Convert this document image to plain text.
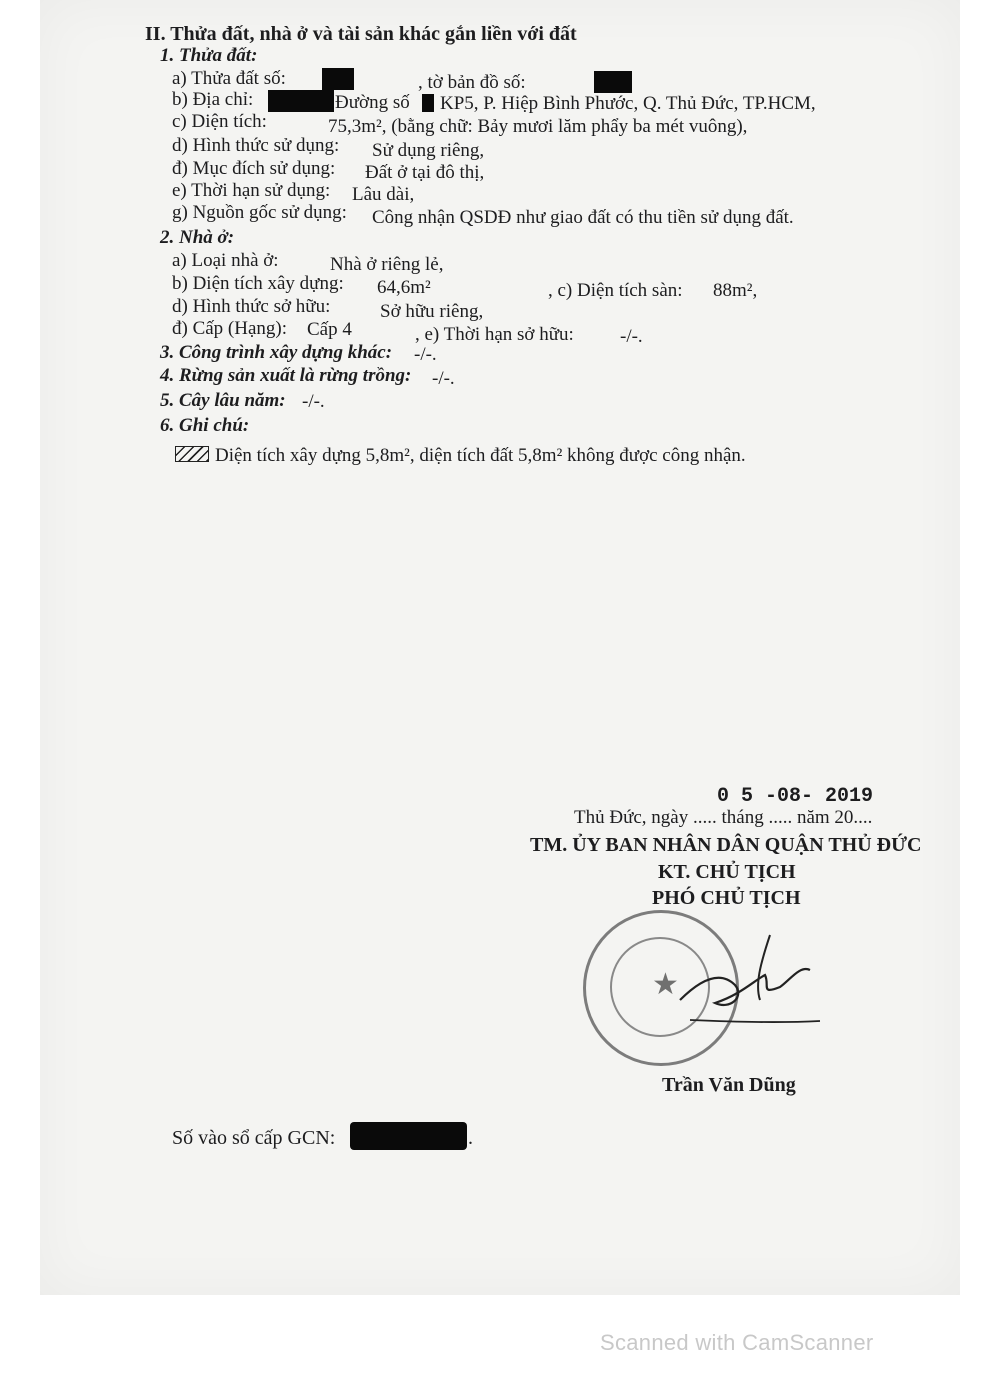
II. Thửa đất, nhà ở và tài sản khác gắn liền với đất
1. Thửa đất:
a) Thửa đất số:	, tờ bản đồ số:
b) Địa chỉ:	Đường số KP5, P. Hiệp Bình Phước, Q. Thủ Đức, TP.HCM,
c) Diện tích:	75,3m², (bằng chữ: Bảy mươi lăm phẩy ba mét vuông),
d) Hình thức sử dụng: Sử dụng riêng,
đ) Mục đích sử dụng: Đất ở tại đô thị,
e) Thời hạn sử dụng: Lâu dài,
g) Nguồn gốc sử dụng: Công nhận QSDĐ như giao đất có thu tiền sử dụng đất.
2. Nhà ở:
a) Loại nhà ở:	Nhà ở riêng lẻ,
b) Diện tích xây dựng: 64,6m²	, c) Diện tích sàn: 88m²,
d) Hình thức sở hữu:	Sở hữu riêng,
đ) Cấp (Hạng): Cấp 4	, e) Thời hạn sở hữu: -/-.
3. Công trình xây dựng khác: -/-.
4. Rừng sản xuất là rừng trồng: -/-.
5. Cây lâu năm: -/-.
6. Ghi chú:
Diện tích xây dựng 5,8m², diện tích đất 5,8m² không được công nhận.
0 5 -08- 2019
Thủ Đức, ngày ..... tháng ..... năm 20....
TM. ỦY BAN NHÂN DÂN QUẬN THỦ ĐỨC
KT. CHỦ TỊCH
PHÓ CHỦ TỊCH
★
Trần Văn Dũng
Số vào sổ cấp GCN:	.
Scanned with CamScanner
